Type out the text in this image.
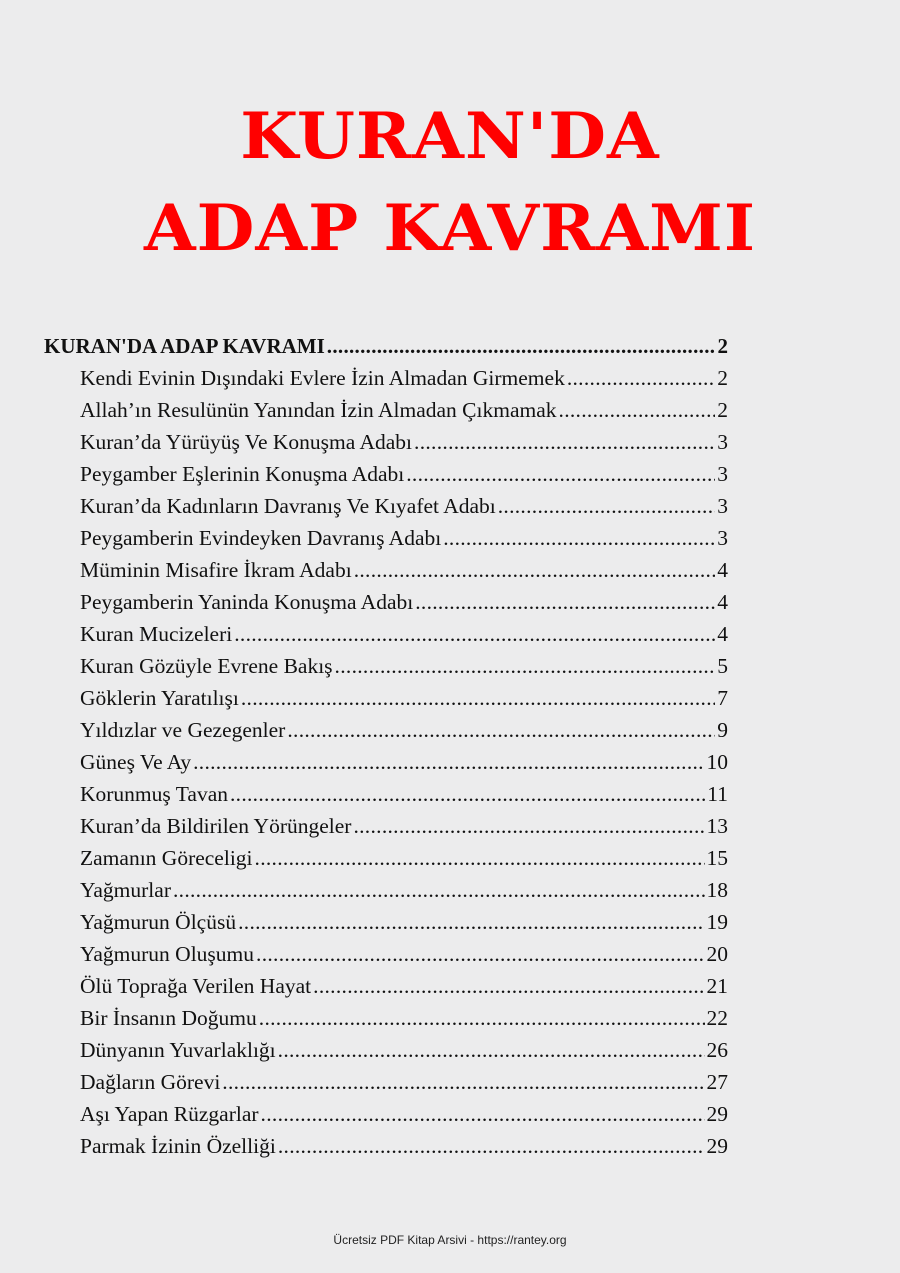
KURAN'DA
ADAP KAVRAMI
KURAN'DA ADAP KAVRAMI .....	2
Kendi Evinin Dışındaki Evlere İzin Almadan Girmemek .....	2
Allah’ın Resulünün Yanından İzin Almadan Çıkmamak .....	2
Kuran’da Yürüyüş Ve Konuşma Adabı .....	3
Peygamber Eşlerinin Konuşma Adabı .....	3
Kuran’da Kadınların Davranış Ve Kıyafet Adabı .....	3
Peygamberin Evindeyken Davranış Adabı .....	3
Müminin Misafire İkram Adabı .....	4
Peygamberin Yaninda Konuşma Adabı .....	4
Kuran Mucizeleri .....	4
Kuran Gözüyle Evrene Bakış .....	5
Göklerin Yaratılışı .....	7
Yıldızlar ve Gezegenler .....	9
Güneş Ve Ay .....	10
Korunmuş Tavan .....	11
Kuran’da Bildirilen Yörüngeler .....	13
Zamanın Göreceligi .....	15
Yağmurlar .....	18
Yağmurun Ölçüsü .....	19
Yağmurun Oluşumu .....	20
Ölü Toprağa Verilen Hayat .....	21
Bir İnsanın Doğumu .....	22
Dünyanın Yuvarlaklığı .....	26
Dağların Görevi .....	27
Aşı Yapan Rüzgarlar .....	29
Parmak İzinin Özelliği .....	29
Ücretsiz PDF Kitap Arsivi - https://rantey.org
